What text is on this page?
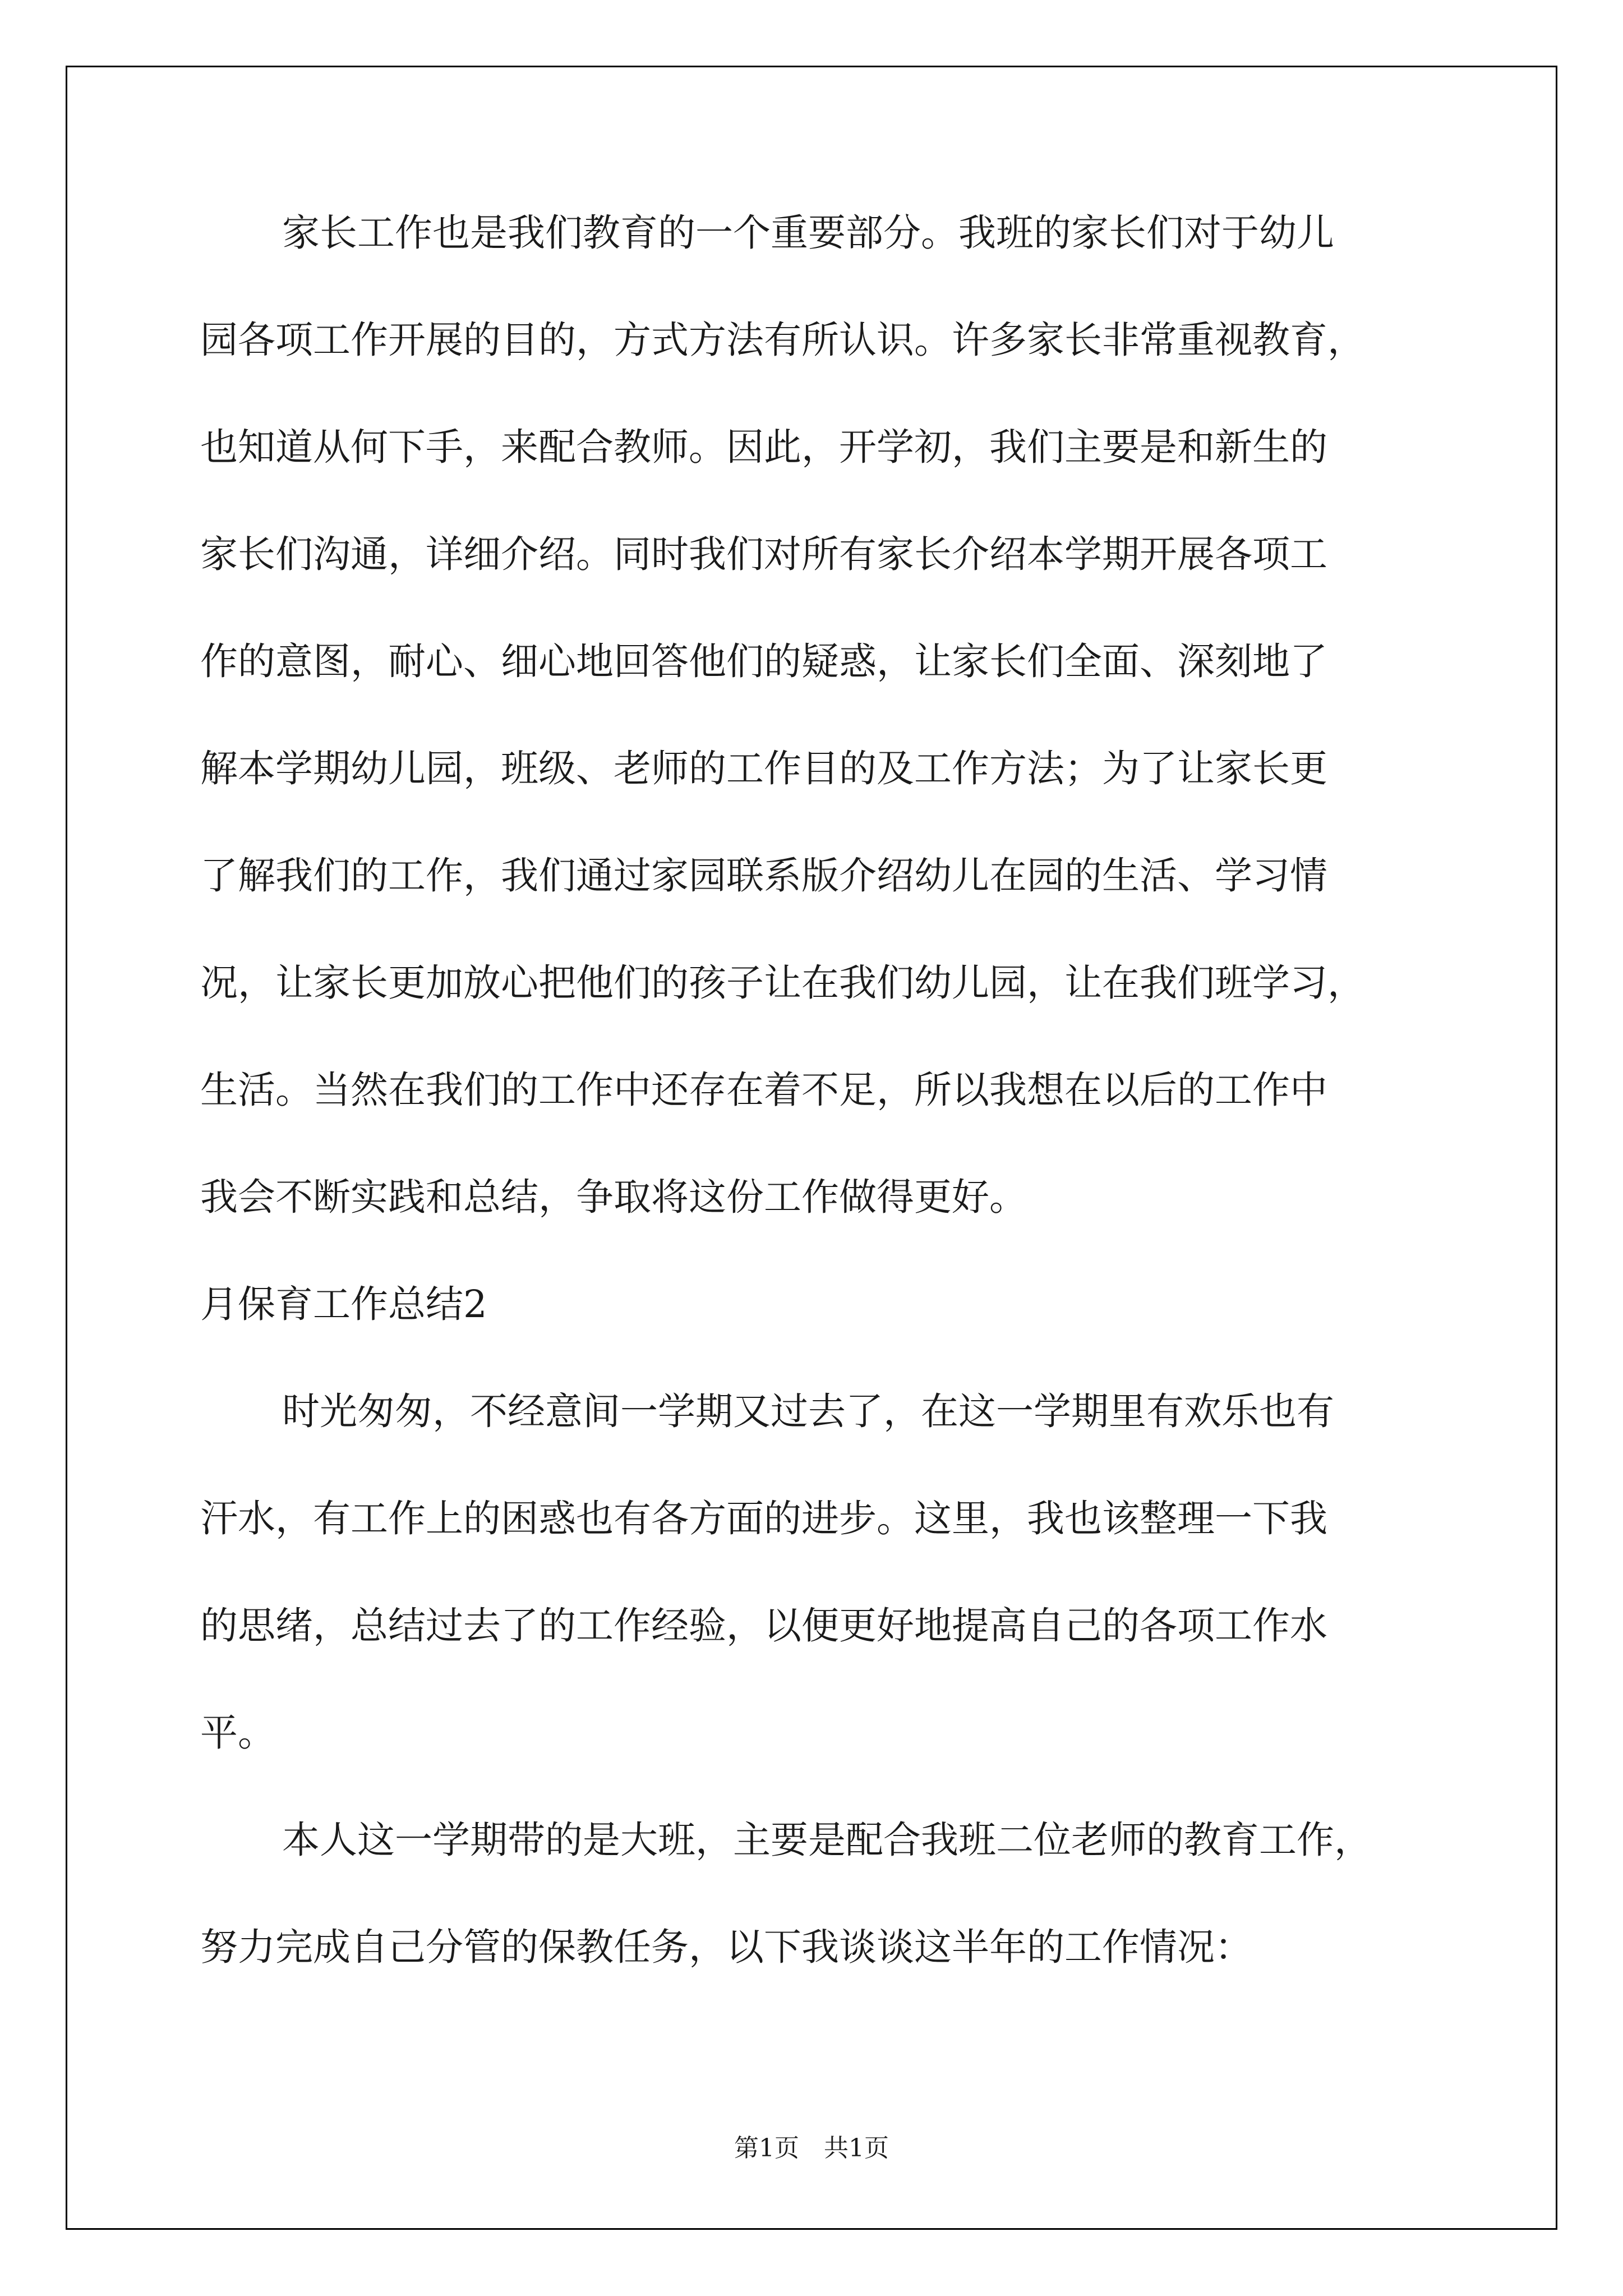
家长工作也是我们教育的一个重要部分。我班的家长们对于幼儿
园各项工作开展的目的，方式方法有所认识。许多家长非常重视教育，
也知道从何下手，来配合教师。因此，开学初，我们主要是和新生的
家长们沟通，详细介绍。同时我们对所有家长介绍本学期开展各项工
作的意图，耐心、细心地回答他们的疑惑，让家长们全面、深刻地了
解本学期幼儿园，班级、老师的工作目的及工作方法；为了让家长更
了解我们的工作，我们通过家园联系版介绍幼儿在园的生活、学习情
况，让家长更加放心把他们的孩子让在我们幼儿园，让在我们班学习，
生活。当然在我们的工作中还存在着不足，所以我想在以后的工作中
我会不断实践和总结，争取将这份工作做得更好。
月保育工作总结2
时光匆匆，不经意间一学期又过去了，在这一学期里有欢乐也有
汗水，有工作上的困惑也有各方面的进步。这里，我也该整理一下我
的思绪，总结过去了的工作经验，以便更好地提高自己的各项工作水
平。
本人这一学期带的是大班，主要是配合我班二位老师的教育工作，
努力完成自己分管的保教任务，以下我谈谈这半年的工作情况：
第1页　共1页
